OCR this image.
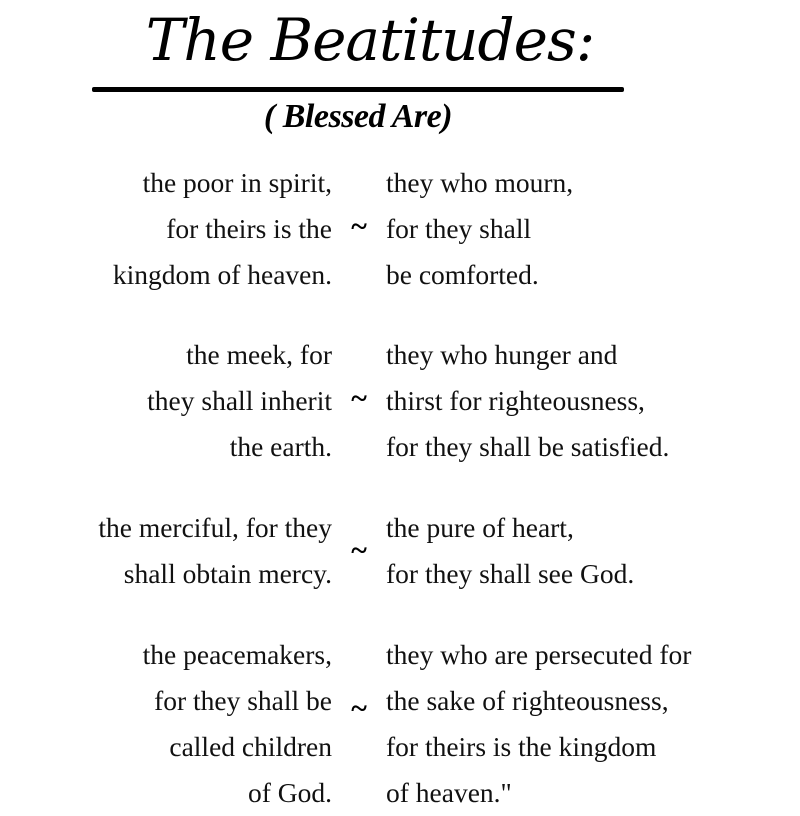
The Beatitudes:
( Blessed Are)
the poor in spirit,
for theirs is the
kingdom of heaven.
~
they who mourn,
for they shall
be comforted.
the meek, for
they shall inherit
the earth.
~
they who hunger and
thirst for righteousness,
for they shall be satisfied.
the merciful, for they
shall obtain mercy.
~
the pure of heart,
for they shall see God.
the peacemakers,
for they shall be
called children
of God.
~
they who are persecuted for
the sake of righteousness,
for theirs is the kingdom
of heaven."
